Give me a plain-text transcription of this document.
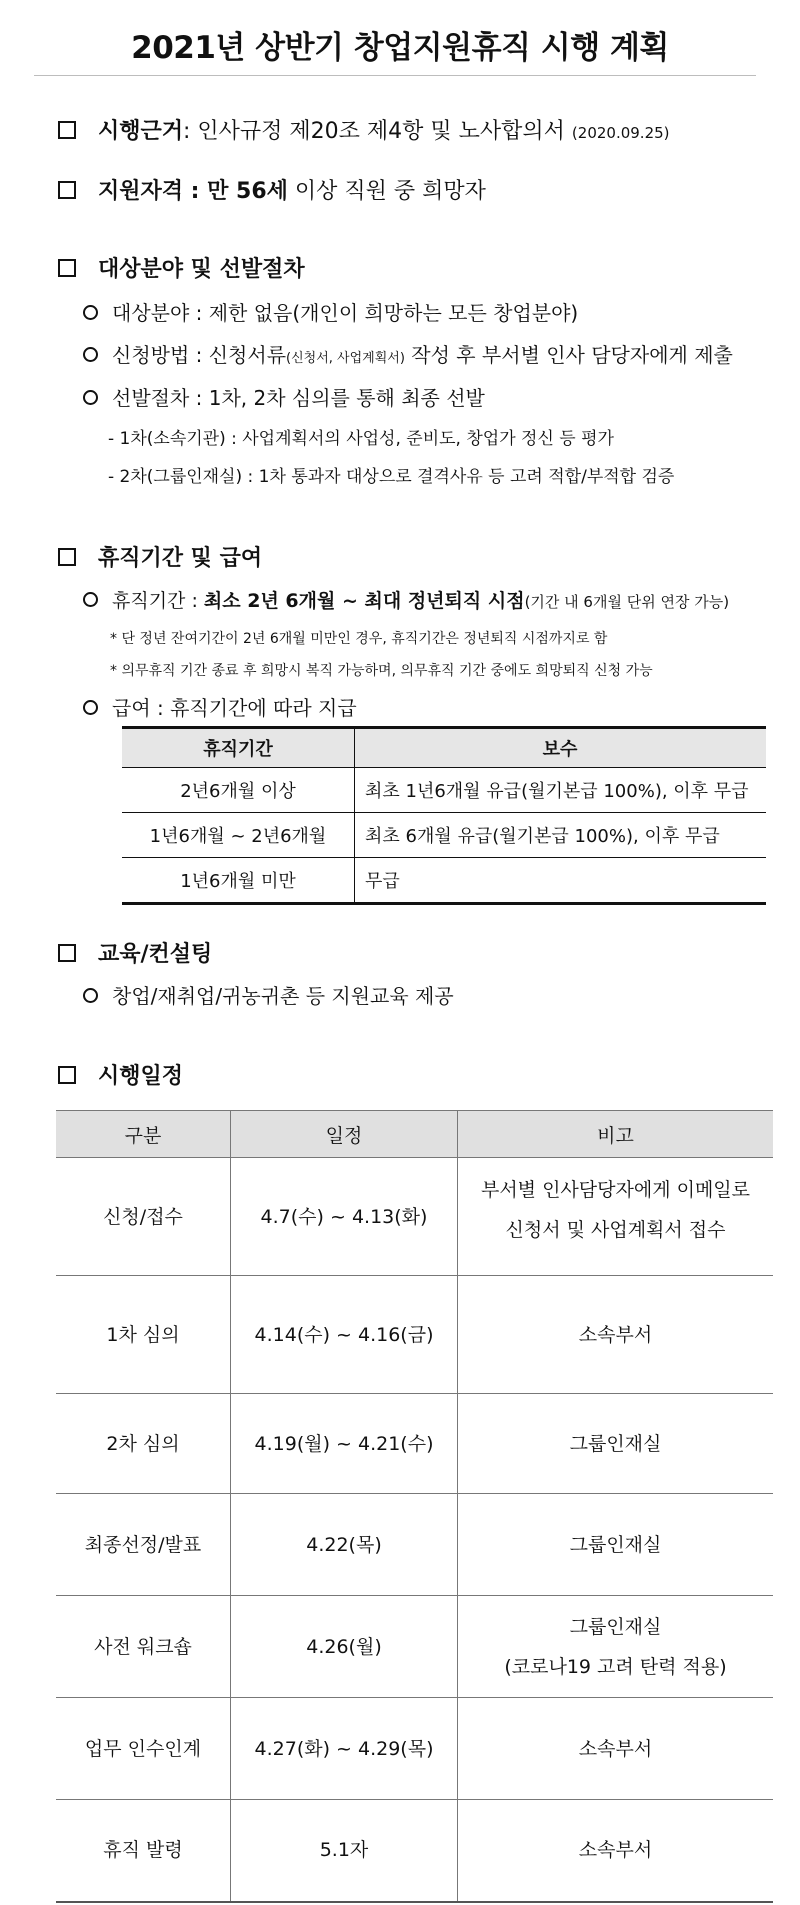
2021년 상반기 창업지원휴직 시행 계획
시행근거: 인사규정 제20조 제4항 및 노사합의서 (2020.09.25)
지원자격 : 만 56세 이상 직원 중 희망자
대상분야 및 선발절차
대상분야 : 제한 없음(개인이 희망하는 모든 창업분야)
신청방법 : 신청서류(신청서, 사업계획서) 작성 후 부서별 인사 담당자에게 제출
선발절차 : 1차, 2차 심의를 통해 최종 선발
- 1차(소속기관) : 사업계획서의 사업성, 준비도, 창업가 정신 등 평가
- 2차(그룹인재실) : 1차 통과자 대상으로 결격사유 등 고려 적합/부적합 검증
휴직기간 및 급여
휴직기간 : 최소 2년 6개월 ~ 최대 정년퇴직 시점(기간 내 6개월 단위 연장 가능)
* 단 정년 잔여기간이 2년 6개월 미만인 경우, 휴직기간은 정년퇴직 시점까지로 함
* 의무휴직 기간 종료 후 희망시 복직 가능하며, 의무휴직 기간 중에도 희망퇴직 신청 가능
급여 : 휴직기간에 따라 지급
휴직기간	보수
2년6개월 이상	최초 1년6개월 유급(월기본급 100%), 이후 무급
1년6개월 ~ 2년6개월	최초 6개월 유급(월기본급 100%), 이후 무급
1년6개월 미만	무급
교육/컨설팅
창업/재취업/귀농귀촌 등 지원교육 제공
시행일정
구분	일정	비고
신청/접수	4.7(수) ~ 4.13(화)	부서별 인사담당자에게 이메일로
신청서 및 사업계획서 접수

1차 심의	4.14(수) ~ 4.16(금)	소속부서
2차 심의	4.19(월) ~ 4.21(수)	그룹인재실
최종선정/발표	4.22(목)	그룹인재실
사전 워크숍	4.26(월)	그룹인재실
(코로나19 고려 탄력 적용)

업무 인수인계	4.27(화) ~ 4.29(목)	소속부서
휴직 발령	5.1자	소속부서
